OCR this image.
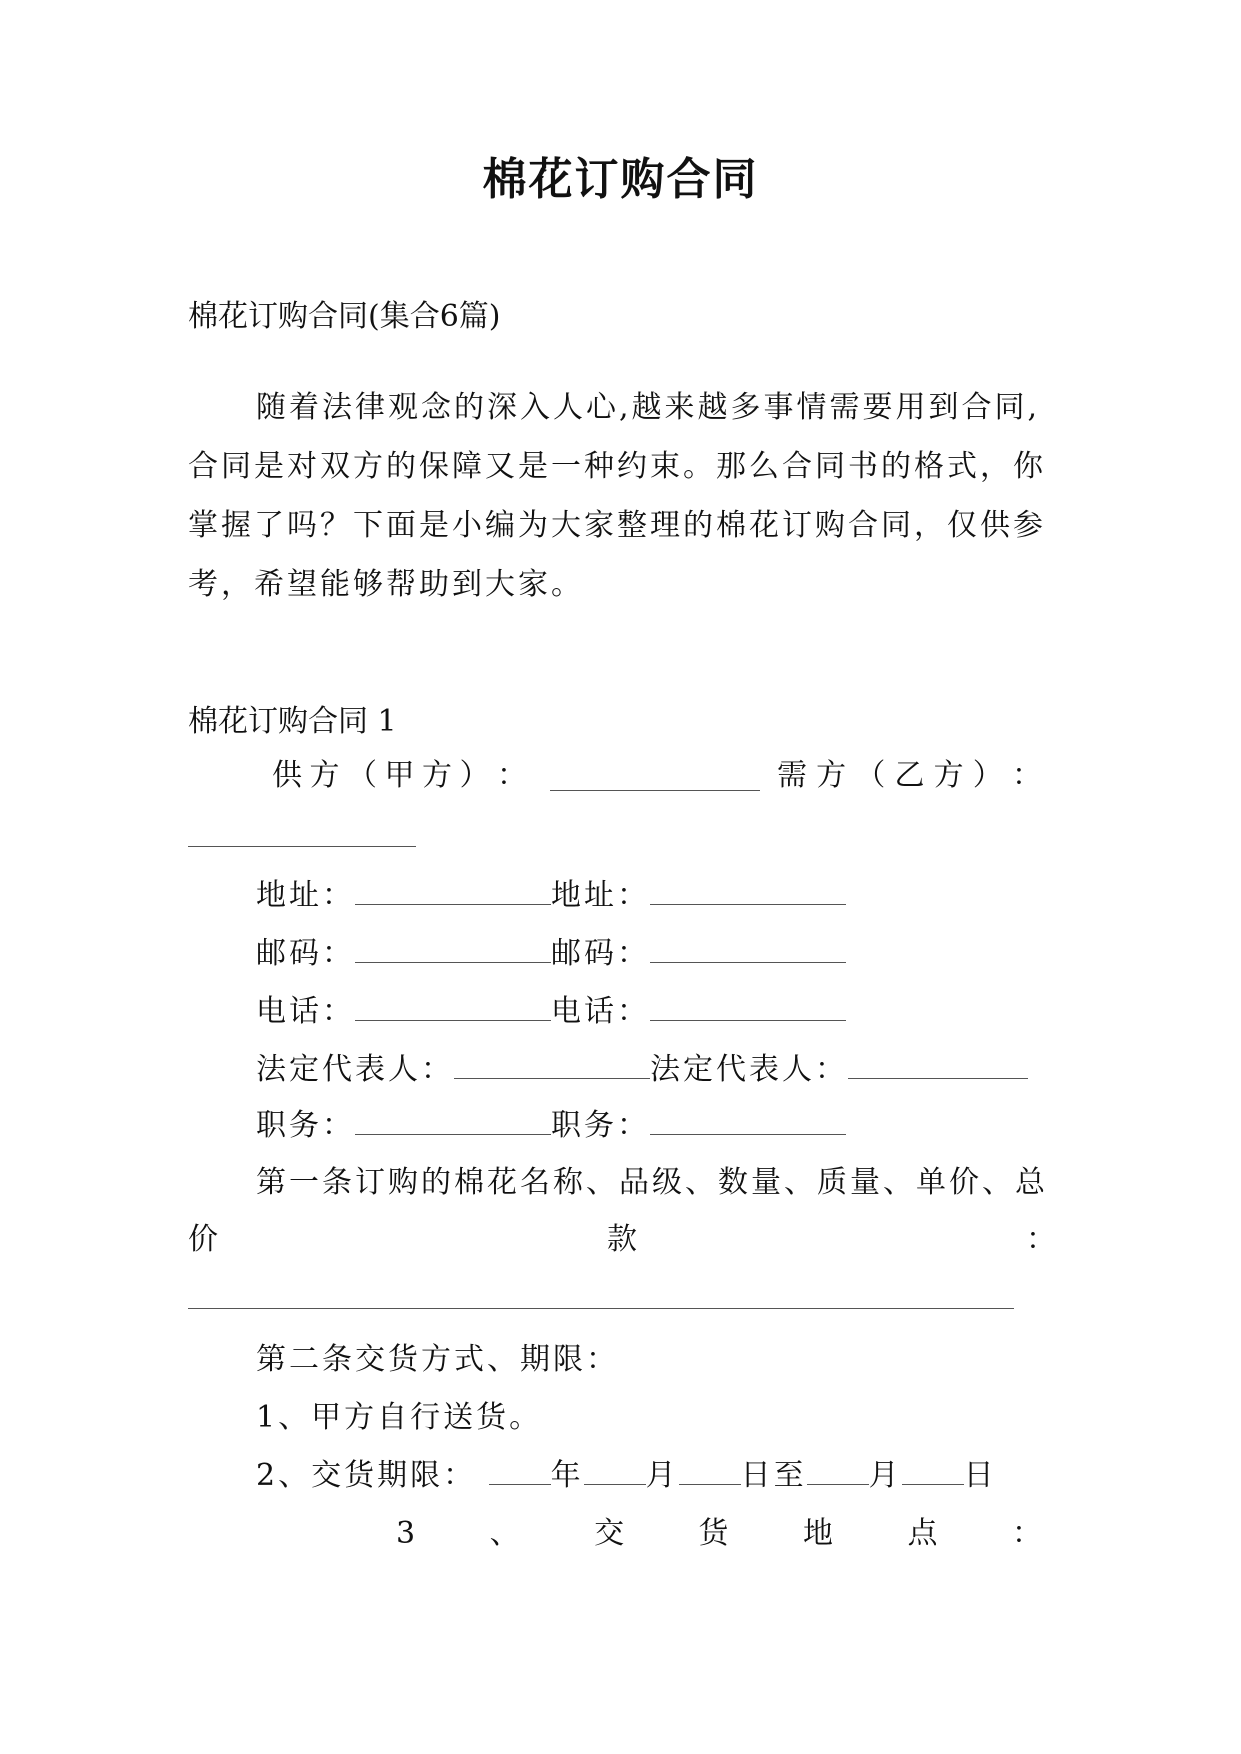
棉花订购合同
棉花订购合同(集合6篇)
随着法律观念的深入人心,越来越多事情需要用到合同,合同是对双方的保障又是一种约束。那么合同书的格式，你掌握了吗？下面是小编为大家整理的棉花订购合同，仅供参考，希望能够帮助到大家。
棉花订购合同 1
供 方 （ 甲 方 ） ：	需 方 （ 乙 方 ） ：
地址：	地址：
邮码：	邮码：
电话：	电话：
法定代表人：	法定代表人：
职务：	职务：
第一条订购的棉花名称、品级、数量、质量、单价、总
价	款	：
第二条交货方式、期限：
1、甲方自行送货。
2、交货期限： 年 月 日至 月 日
3 、 交 货 地 点 ：
